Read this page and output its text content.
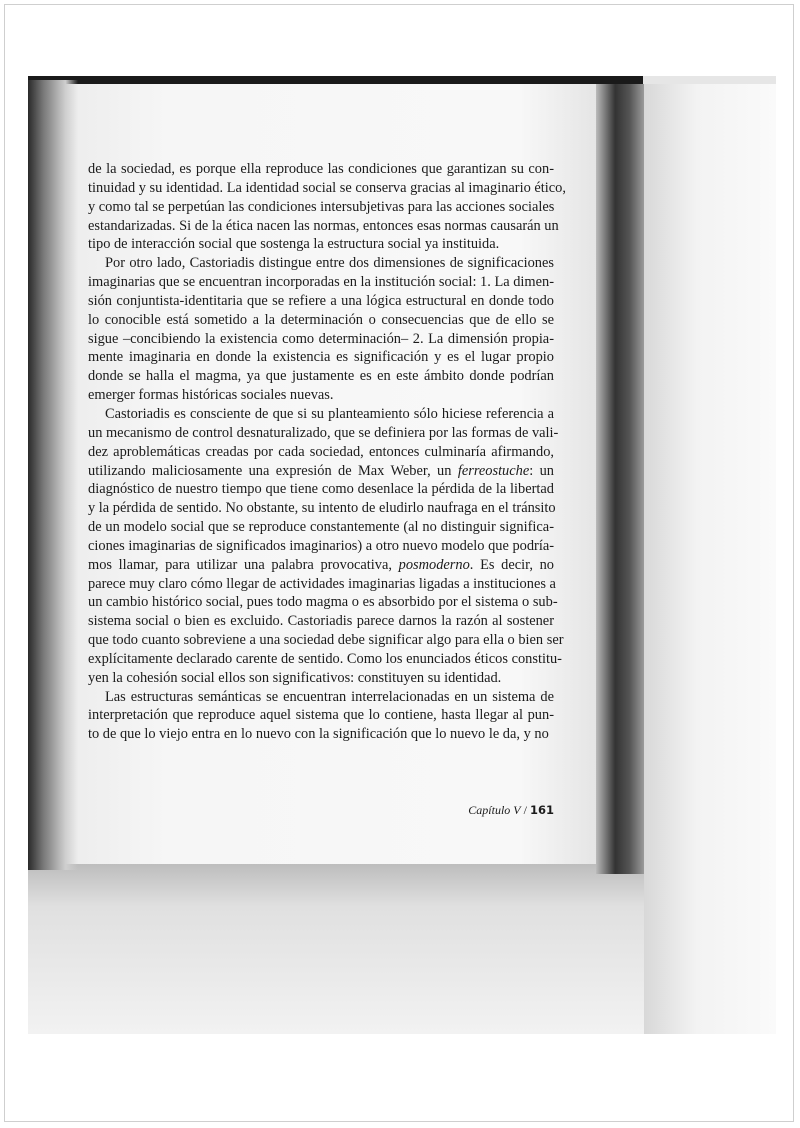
de la sociedad, es porque ella reproduce las condiciones que garantizan su con-
tinuidad y su identidad. La identidad social se conserva gracias al imaginario ético,
y como tal se perpetúan las condiciones intersubjetivas para las acciones sociales
estandarizadas. Si de la ética nacen las normas, entonces esas normas causarán un
tipo de interacción social que sostenga la estructura social ya instituida.
Por otro lado, Castoriadis distingue entre dos dimensiones de significaciones
imaginarias que se encuentran incorporadas en la institución social: 1. La dimen-
sión conjuntista-identitaria que se refiere a una lógica estructural en donde todo
lo conocible está sometido a la determinación o consecuencias que de ello se
sigue –concibiendo la existencia como determinación– 2. La dimensión propia-
mente imaginaria en donde la existencia es significación y es el lugar propio
donde se halla el magma, ya que justamente es en este ámbito donde podrían
emerger formas históricas sociales nuevas.
Castoriadis es consciente de que si su planteamiento sólo hiciese referencia a
un mecanismo de control desnaturalizado, que se definiera por las formas de vali-
dez aproblemáticas creadas por cada sociedad, entonces culminaría afirmando,
utilizando maliciosamente una expresión de Max Weber, un ferreostuche: un
diagnóstico de nuestro tiempo que tiene como desenlace la pérdida de la libertad
y la pérdida de sentido. No obstante, su intento de eludirlo naufraga en el tránsito
de un modelo social que se reproduce constantemente (al no distinguir significa-
ciones imaginarias de significados imaginarios) a otro nuevo modelo que podría-
mos llamar, para utilizar una palabra provocativa, posmoderno. Es decir, no
parece muy claro cómo llegar de actividades imaginarias ligadas a instituciones a
un cambio histórico social, pues todo magma o es absorbido por el sistema o sub-
sistema social o bien es excluido. Castoriadis parece darnos la razón al sostener
que todo cuanto sobreviene a una sociedad debe significar algo para ella o bien ser
explícitamente declarado carente de sentido. Como los enunciados éticos constitu-
yen la cohesión social ellos son significativos: constituyen su identidad.
Las estructuras semánticas se encuentran interrelacionadas en un sistema de
interpretación que reproduce aquel sistema que lo contiene, hasta llegar al pun-
to de que lo viejo entra en lo nuevo con la significación que lo nuevo le da, y no
Capítulo V / 161
